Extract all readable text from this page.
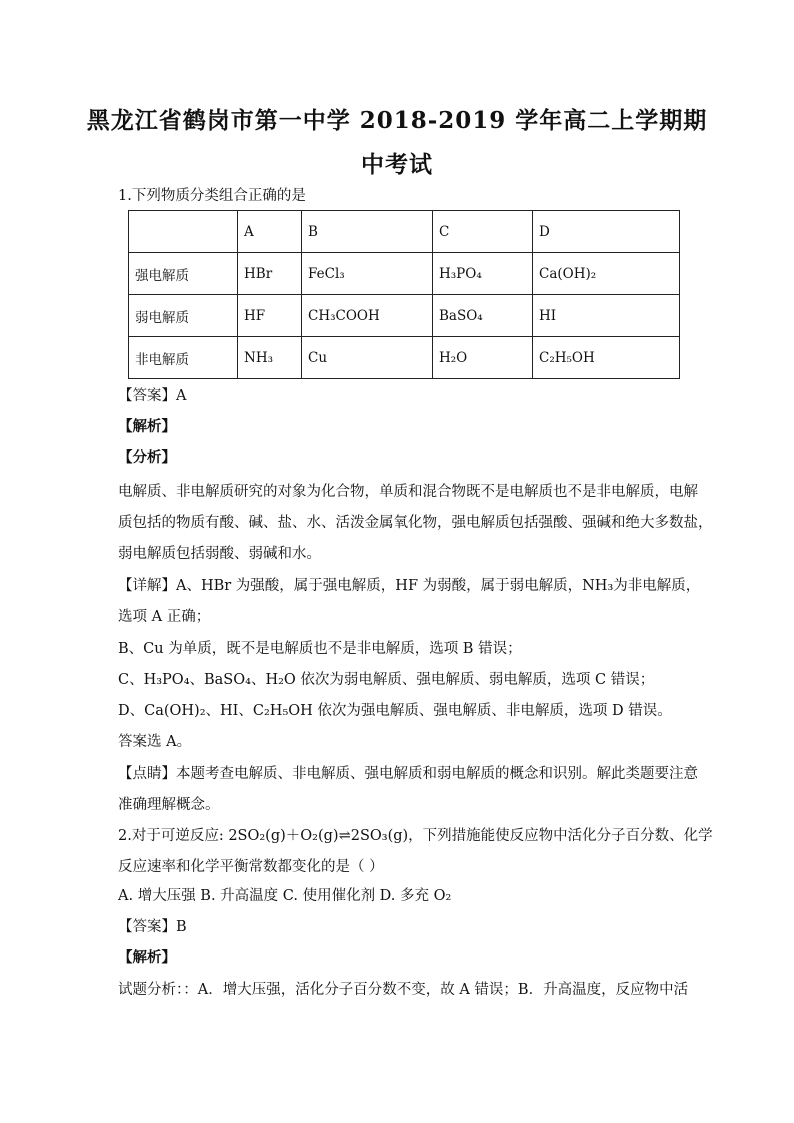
黑龙江省鹤岗市第一中学 2018-2019 学年高二上学期期
中考试
1.下列物质分类组合正确的是
	A	B	C	D
强电解质	HBr	FeCl₃	H₃PO₄	Ca(OH)₂
弱电解质	HF	CH₃COOH	BaSO₄	HI
非电解质	NH₃	Cu	H₂O	C₂H₅OH
【答案】A
【解析】
【分析】
电解质、非电解质研究的对象为化合物，单质和混合物既不是电解质也不是非电解质，电解
质包括的物质有酸、碱、盐、水、活泼金属氧化物，强电解质包括强酸、强碱和绝大多数盐，
弱电解质包括弱酸、弱碱和水。
【详解】A、HBr 为强酸，属于强电解质，HF 为弱酸，属于弱电解质，NH₃为非电解质，
选项 A 正确；
B、Cu 为单质，既不是电解质也不是非电解质，选项 B 错误；
C、H₃PO₄、BaSO₄、H₂O 依次为弱电解质、强电解质、弱电解质，选项 C 错误；
D、Ca(OH)₂、HI、C₂H₅OH 依次为强电解质、强电解质、非电解质，选项 D 错误。
答案选 A。
【点睛】本题考查电解质、非电解质、强电解质和弱电解质的概念和识别。解此类题要注意
准确理解概念。
2.对于可逆反应: 2SO₂(g)＋O₂(g)⇌2SO₃(g)，下列措施能使反应物中活化分子百分数、化学
反应速率和化学平衡常数都变化的是（ ）
A. 增大压强 B. 升高温度 C. 使用催化剂 D. 多充 O₂
【答案】B
【解析】
试题分析：：A．增大压强，活化分子百分数不变，故 A 错误；B．升高温度，反应物中活
